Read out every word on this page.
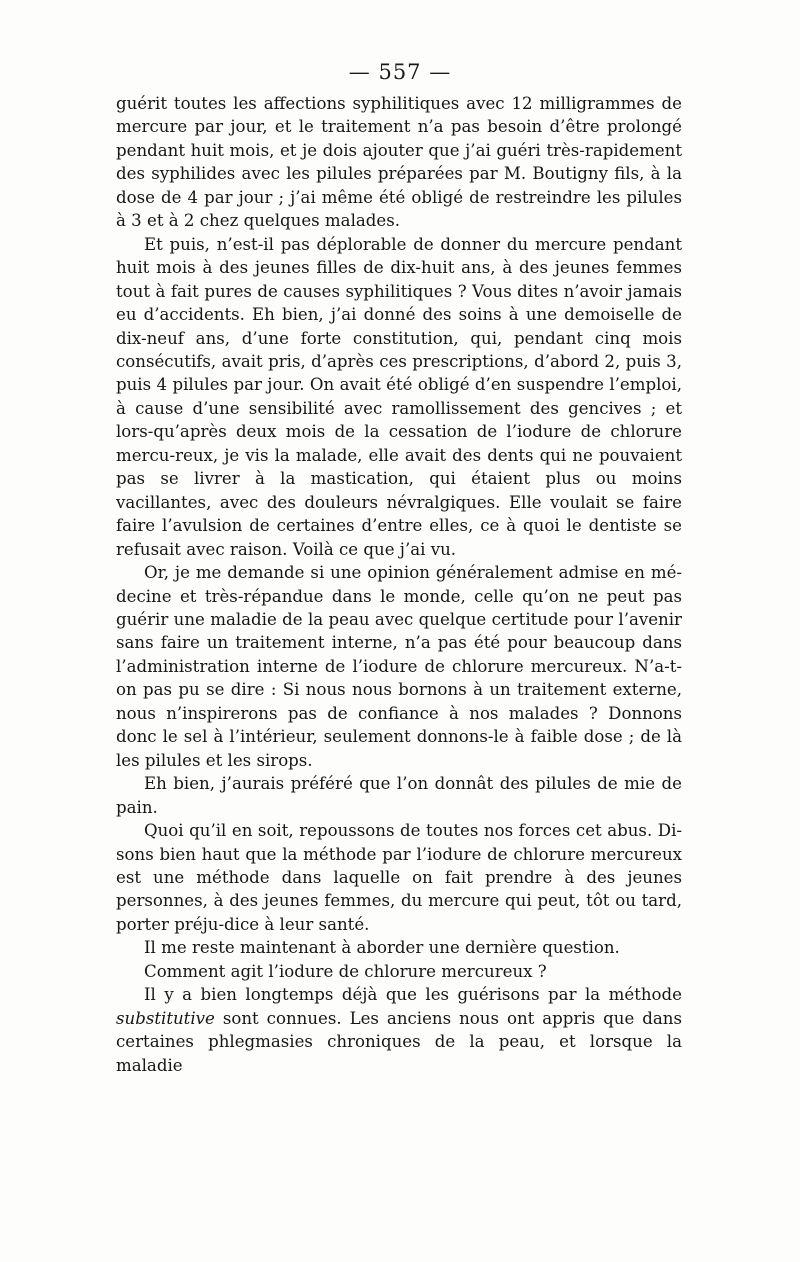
— 557 —

guérit toutes les affections syphilitiques avec 12 milligrammes de mercure par jour, et le traitement n’a pas besoin d’être prolongé pendant huit mois, et je dois ajouter que j’ai guéri très-rapidement des syphilides avec les pilules préparées par M. Boutigny fils, à la dose de 4 par jour ; j’ai même été obligé de restreindre les pilules à 3 et à 2 chez quelques malades.

Et puis, n’est-il pas déplorable de donner du mercure pendant huit mois à des jeunes filles de dix-huit ans, à des jeunes femmes tout à fait pures de causes syphilitiques ? Vous dites n’avoir jamais eu d’accidents. Eh bien, j’ai donné des soins à une demoiselle de dix-neuf ans, d’une forte constitution, qui, pendant cinq mois consécutifs, avait pris, d’après ces prescriptions, d’abord 2, puis 3, puis 4 pilules par jour. On avait été obligé d’en suspendre l’emploi, à cause d’une sensibilité avec ramollissement des gencives ; et lors-qu’après deux mois de la cessation de l’iodure de chlorure mercu-reux, je vis la malade, elle avait des dents qui ne pouvaient pas se livrer à la mastication, qui étaient plus ou moins vacillantes, avec des douleurs névralgiques. Elle voulait se faire faire l’avulsion de certaines d’entre elles, ce à quoi le dentiste se refusait avec raison. Voilà ce que j’ai vu.

Or, je me demande si une opinion généralement admise en mé-decine et très-répandue dans le monde, celle qu’on ne peut pas guérir une maladie de la peau avec quelque certitude pour l’avenir sans faire un traitement interne, n’a pas été pour beaucoup dans l’administration interne de l’iodure de chlorure mercureux. N’a-t-on pas pu se dire : Si nous nous bornons à un traitement externe, nous n’inspirerons pas de confiance à nos malades ? Donnons donc le sel à l’intérieur, seulement donnons-le à faible dose ; de là les pilules et les sirops.

Eh bien, j’aurais préféré que l’on donnât des pilules de mie de pain.

Quoi qu’il en soit, repoussons de toutes nos forces cet abus. Di-sons bien haut que la méthode par l’iodure de chlorure mercureux est une méthode dans laquelle on fait prendre à des jeunes personnes, à des jeunes femmes, du mercure qui peut, tôt ou tard, porter préju-dice à leur santé.

Il me reste maintenant à aborder une dernière question.

Comment agit l’iodure de chlorure mercureux ?

Il y a bien longtemps déjà que les guérisons par la méthode substitutive sont connues. Les anciens nous ont appris que dans certaines phlegmasies chroniques de la peau, et lorsque la maladie
